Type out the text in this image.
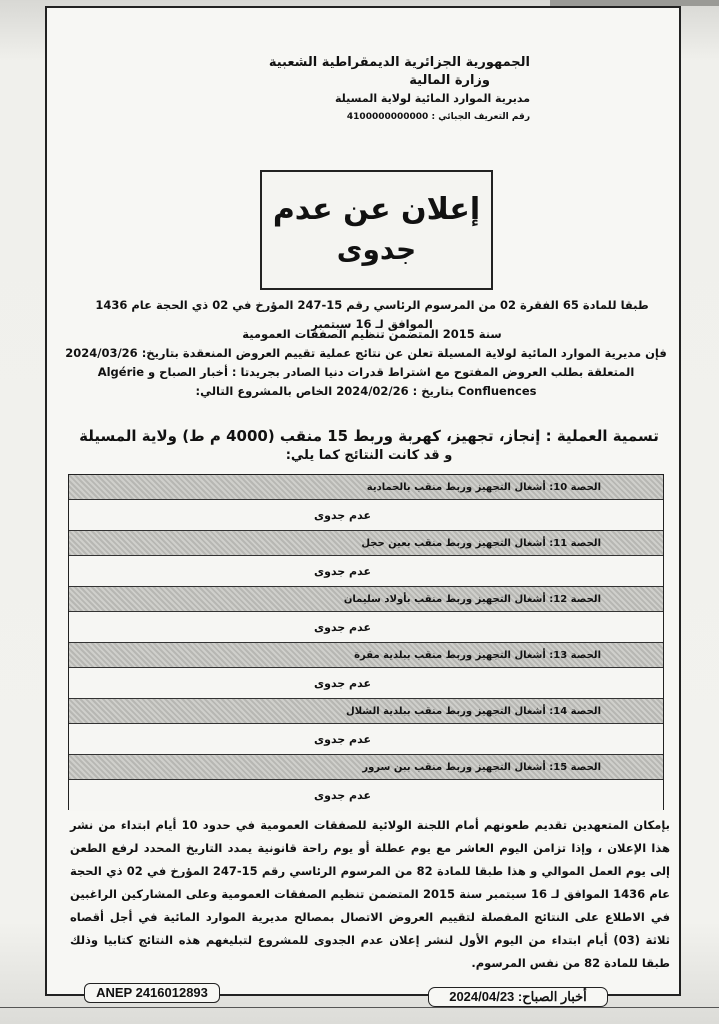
الجمهورية الجزائرية الديمقراطية الشعبية
وزارة المالية
مديرية الموارد المائية لولاية المسيلة
رقم التعريف الجبائي : 4100000000000
إعلان عن عدم
جدوى
طبقا للمادة 65 الفقرة 02 من المرسوم الرئاسي رقم 15-247 المؤرخ في 02 ذي الحجة عام 1436 الموافق لـ 16 سبتمبر
سنة 2015 المتضمن تنظيم الصفقات العمومية
فإن مديرية الموارد المائية لولاية المسيلة تعلن عن نتائج عملية تقييم العروض المنعقدة بتاريخ: 2024/03/26 المتعلقة بطلب العروض المفتوح مع اشتراط قدرات دنيا الصادر بجريدتا : أخبار الصباح و Algérie Confluences بتاريخ : 2024/02/26 الخاص بالمشروع التالي:
تسمية العملية : إنجاز، تجهيز، كهربة وربط 15 منقب (4000 م ط) ولاية المسيلة
و قد كانت النتائج كما يلي:
الحصة 10: أشغال التجهيز وربط منقب بالحمادية
عدم جدوى
الحصة 11: أشغال التجهيز وربط منقب بعين حجل
عدم جدوى
الحصة 12: أشغال التجهيز وربط منقب بأولاد سليمان
عدم جدوى
الحصة 13: أشغال التجهيز وربط منقب ببلدية مقرة
عدم جدوى
الحصة 14: أشغال التجهيز وربط منقب ببلدية الشلال
عدم جدوى
الحصة 15: أشغال التجهيز وربط منقب ببن سرور
عدم جدوى
بإمكان المتعهدين تقديم طعونهم أمام اللجنة الولائية للصفقات العمومية في حدود 10 أيام ابتداء من نشر هذا الإعلان ، وإذا تزامن اليوم العاشر مع يوم عطلة أو يوم راحة قانونية يمدد التاريخ المحدد لرفع الطعن إلى يوم العمل الموالي و هذا طبقا للمادة 82 من المرسوم الرئاسي رقم 15-247 المؤرخ في 02 ذي الحجة عام 1436 الموافق لـ 16 سبتمبر سنة 2015 المتضمن تنظيم الصفقات العمومية وعلى المشاركين الراغبين في الاطلاع على النتائج المفصلة لتقييم العروض الاتصال بمصالح مديرية الموارد المائية في أجل أقصاه ثلاثة (03) أيام ابتداء من اليوم الأول لنشر إعلان عدم الجدوى للمشروع لتبليغهم هذه النتائج كتابيا وذلك طبقا للمادة 82 من نفس المرسوم.
ANEP 2416012893	أخبار الصباح: 2024/04/23
